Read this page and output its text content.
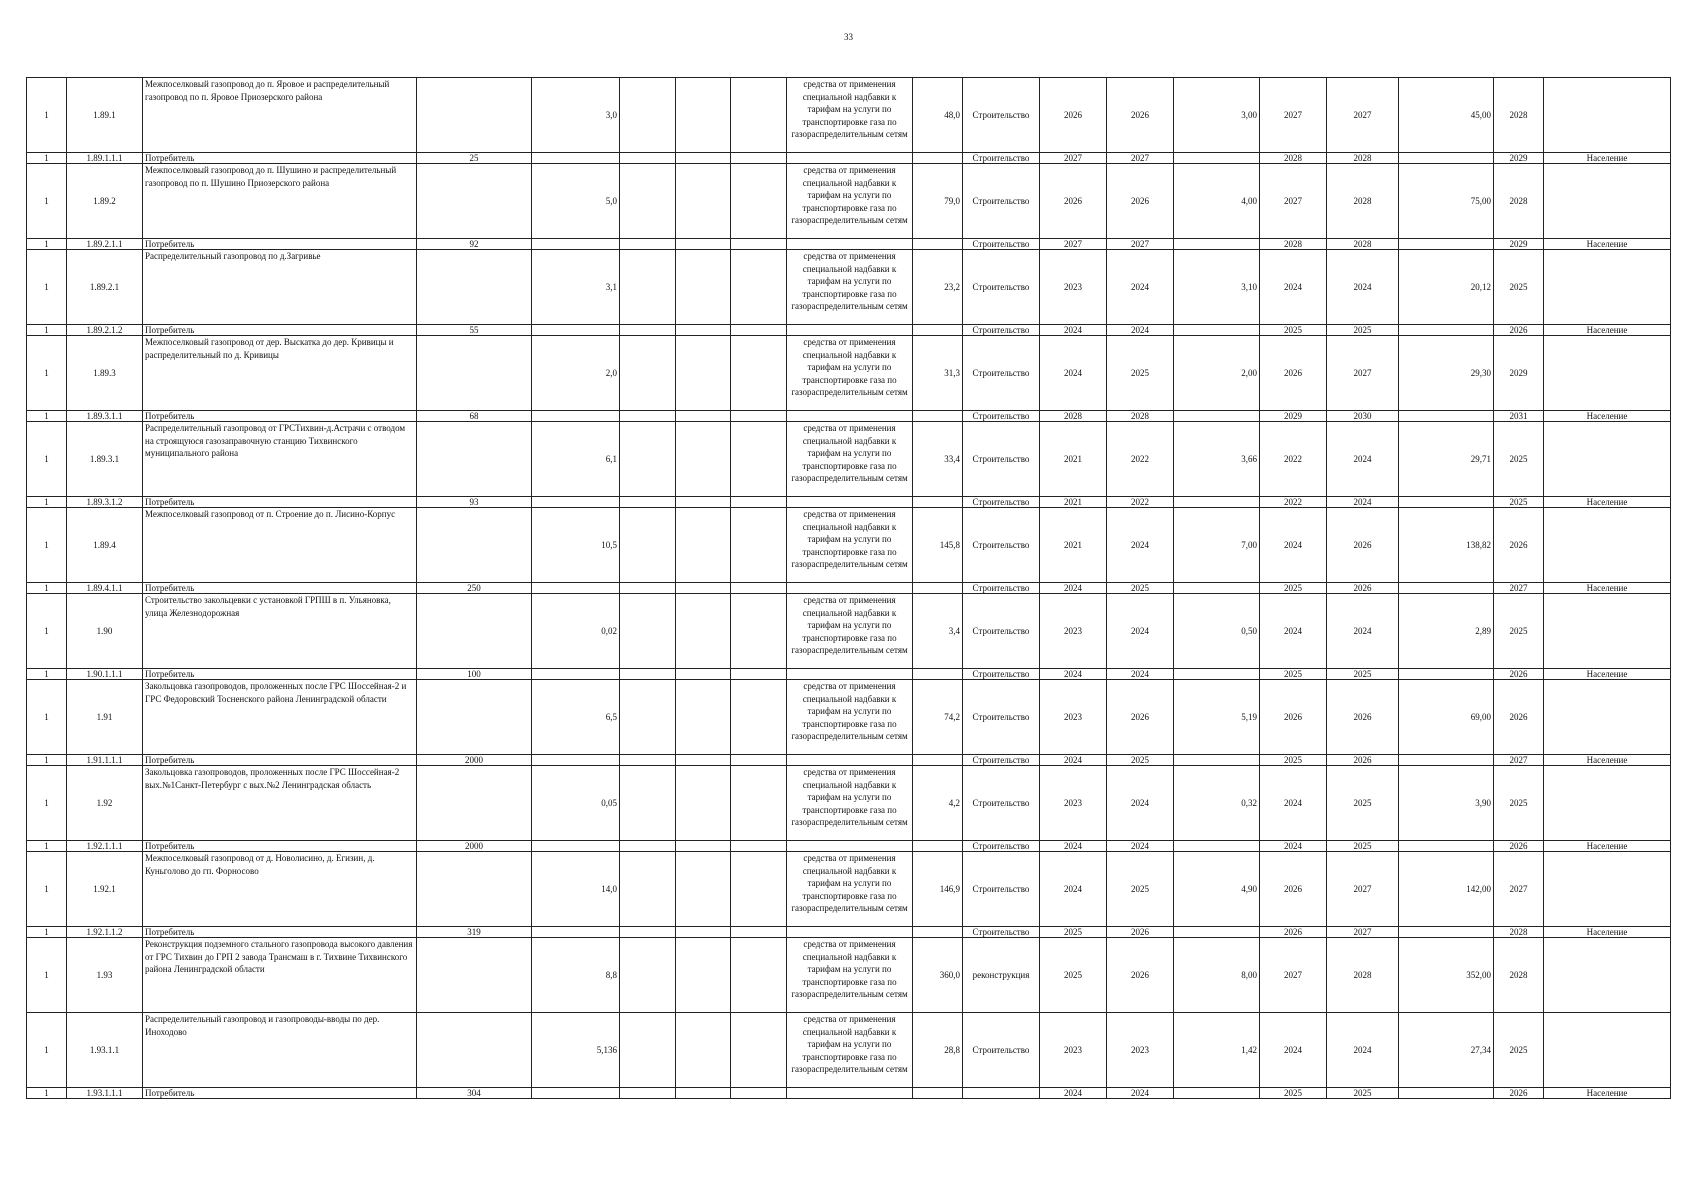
33
1	1.89.1	Межпоселковый газопровод до п. Яровое и распределительный газопровод по п. Яровое Приозерского района		3,0				средства от применения специальной надбавки к тарифам на услуги по транспортировке газа по газораспределительным сетям	48,0	Строительство	2026	2026	3,00	2027	2027	45,00	2028	
1	1.89.1.1.1	Потребитель	25							Строительство	2027	2027		2028	2028		2029	Население
1	1.89.2	Межпоселковый газопровод до п. Шушино и распределительный газопровод по п. Шушино Приозерского района		5,0				средства от применения специальной надбавки к тарифам на услуги по транспортировке газа по газораспределительным сетям	79,0	Строительство	2026	2026	4,00	2027	2028	75,00	2028	
1	1.89.2.1.1	Потребитель	92							Строительство	2027	2027		2028	2028		2029	Население
1	1.89.2.1	Распределительный газопровод по д.Загривье		3,1				средства от применения специальной надбавки к тарифам на услуги по транспортировке газа по газораспределительным сетям	23,2	Строительство	2023	2024	3,10	2024	2024	20,12	2025	
1	1.89.2.1.2	Потребитель	55							Строительство	2024	2024		2025	2025		2026	Население
1	1.89.3	Межпоселковый газопровод от дер. Выскатка до дер. Кривицы и распределительный по д. Кривицы		2,0				средства от применения специальной надбавки к тарифам на услуги по транспортировке газа по газораспределительным сетям	31,3	Строительство	2024	2025	2,00	2026	2027	29,30	2029	
1	1.89.3.1.1	Потребитель	68							Строительство	2028	2028		2029	2030		2031	Население
1	1.89.3.1	Распределительный газопровод от ГРСТихвин-д.Астрачи с отводом на строящуюся газозаправочную станцию Тихвинского муниципального района		6,1				средства от применения специальной надбавки к тарифам на услуги по транспортировке газа по газораспределительным сетям	33,4	Строительство	2021	2022	3,66	2022	2024	29,71	2025	
1	1.89.3.1.2	Потребитель	93							Строительство	2021	2022		2022	2024		2025	Население
1	1.89.4	Межпоселковый газопровод от п. Строение до п. Лисино-Корпус		10,5				средства от применения специальной надбавки к тарифам на услуги по транспортировке газа по газораспределительным сетям	145,8	Строительство	2021	2024	7,00	2024	2026	138,82	2026	
1	1.89.4.1.1	Потребитель	250							Строительство	2024	2025		2025	2026		2027	Население
1	1.90	Строительство закольцевки с установкой ГРПШ в п. Ульяновка, улица Железнодорожная		0,02				средства от применения специальной надбавки к тарифам на услуги по транспортировке газа по газораспределительным сетям	3,4	Строительство	2023	2024	0,50	2024	2024	2,89	2025	
1	1.90.1.1.1	Потребитель	100							Строительство	2024	2024		2025	2025		2026	Население
1	1.91	Закольцовка газопроводов, проложенных после ГРС Шоссейная-2 и ГРС Федоровский Тосненского района Ленинградской области		6,5				средства от применения специальной надбавки к тарифам на услуги по транспортировке газа по газораспределительным сетям	74,2	Строительство	2023	2026	5,19	2026	2026	69,00	2026	
1	1.91.1.1.1	Потребитель	2000							Строительство	2024	2025		2025	2026		2027	Население
1	1.92	Закольцовка газопроводов, проложенных после ГРС Шоссейная-2 вых.№1Санкт-Петербург с вых.№2 Ленинградская область		0,05				средства от применения специальной надбавки к тарифам на услуги по транспортировке газа по газораспределительным сетям	4,2	Строительство	2023	2024	0,32	2024	2025	3,90	2025	
1	1.92.1.1.1	Потребитель	2000							Строительство	2024	2024		2024	2025		2026	Население
1	1.92.1	Межпоселковый газопровод от д. Новолисино, д. Егизин, д. Куньголово до гп. Форносово		14,0				средства от применения специальной надбавки к тарифам на услуги по транспортировке газа по газораспределительным сетям	146,9	Строительство	2024	2025	4,90	2026	2027	142,00	2027	
1	1.92.1.1.2	Потребитель	319							Строительство	2025	2026		2026	2027		2028	Население
1	1.93	Реконструкция подземного стального газопровода высокого давления от ГРС Тихвин до ГРП 2 завода Трансмаш в г. Тихвине Тихвинского района Ленинградской области		8,8				средства от применения специальной надбавки к тарифам на услуги по транспортировке газа по газораспределительным сетям	360,0	реконструкция	2025	2026	8,00	2027	2028	352,00	2028	
1	1.93.1.1	Распределительный газопровод и газопроводы-вводы по дер. Иноходово		5,136				средства от применения специальной надбавки к тарифам на услуги по транспортировке газа по газораспределительным сетям	28,8	Строительство	2023	2023	1,42	2024	2024	27,34	2025	
1	1.93.1.1.1	Потребитель	304								2024	2024		2025	2025		2026	Население
